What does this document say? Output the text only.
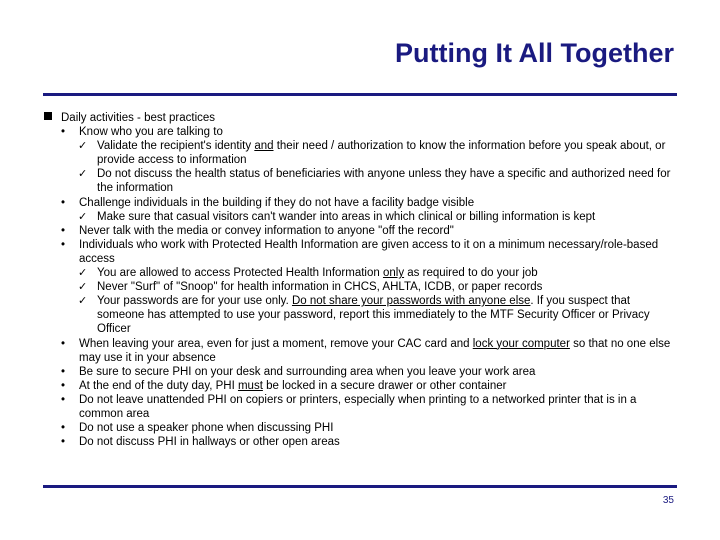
Putting It All Together
Daily activities - best practices
• Know who you are talking to
✓ Validate the recipient's identity and their need / authorization to know the information before you speak about, or provide access to information
✓ Do not discuss the health status of beneficiaries with anyone unless they have a specific and authorized need for the information
• Challenge individuals in the building if they do not have a facility badge visible
✓ Make sure that casual visitors can't wander into areas in which clinical or billing information is kept
• Never talk with the media or convey information to anyone "off the record"
• Individuals who work with Protected Health Information are given access to it on a minimum necessary/role-based access
✓ You are allowed to access Protected Health Information only as required to do your job
✓ Never "Surf" of "Snoop" for health information in CHCS, AHLTA, ICDB, or paper records
✓ Your passwords are for your use only. Do not share your passwords with anyone else. If you suspect that someone has attempted to use your password, report this immediately to the MTF Security Officer or Privacy Officer
• When leaving your area, even for just a moment, remove your CAC card and lock your computer so that no one else may use it in your absence
• Be sure to secure PHI on your desk and surrounding area when you leave your work area
• At the end of the duty day, PHI must be locked in a secure drawer or other container
• Do not leave unattended PHI on copiers or printers, especially when printing to a networked printer that is in a common area
• Do not use a speaker phone when discussing PHI
• Do not discuss PHI in hallways or other open areas
35
